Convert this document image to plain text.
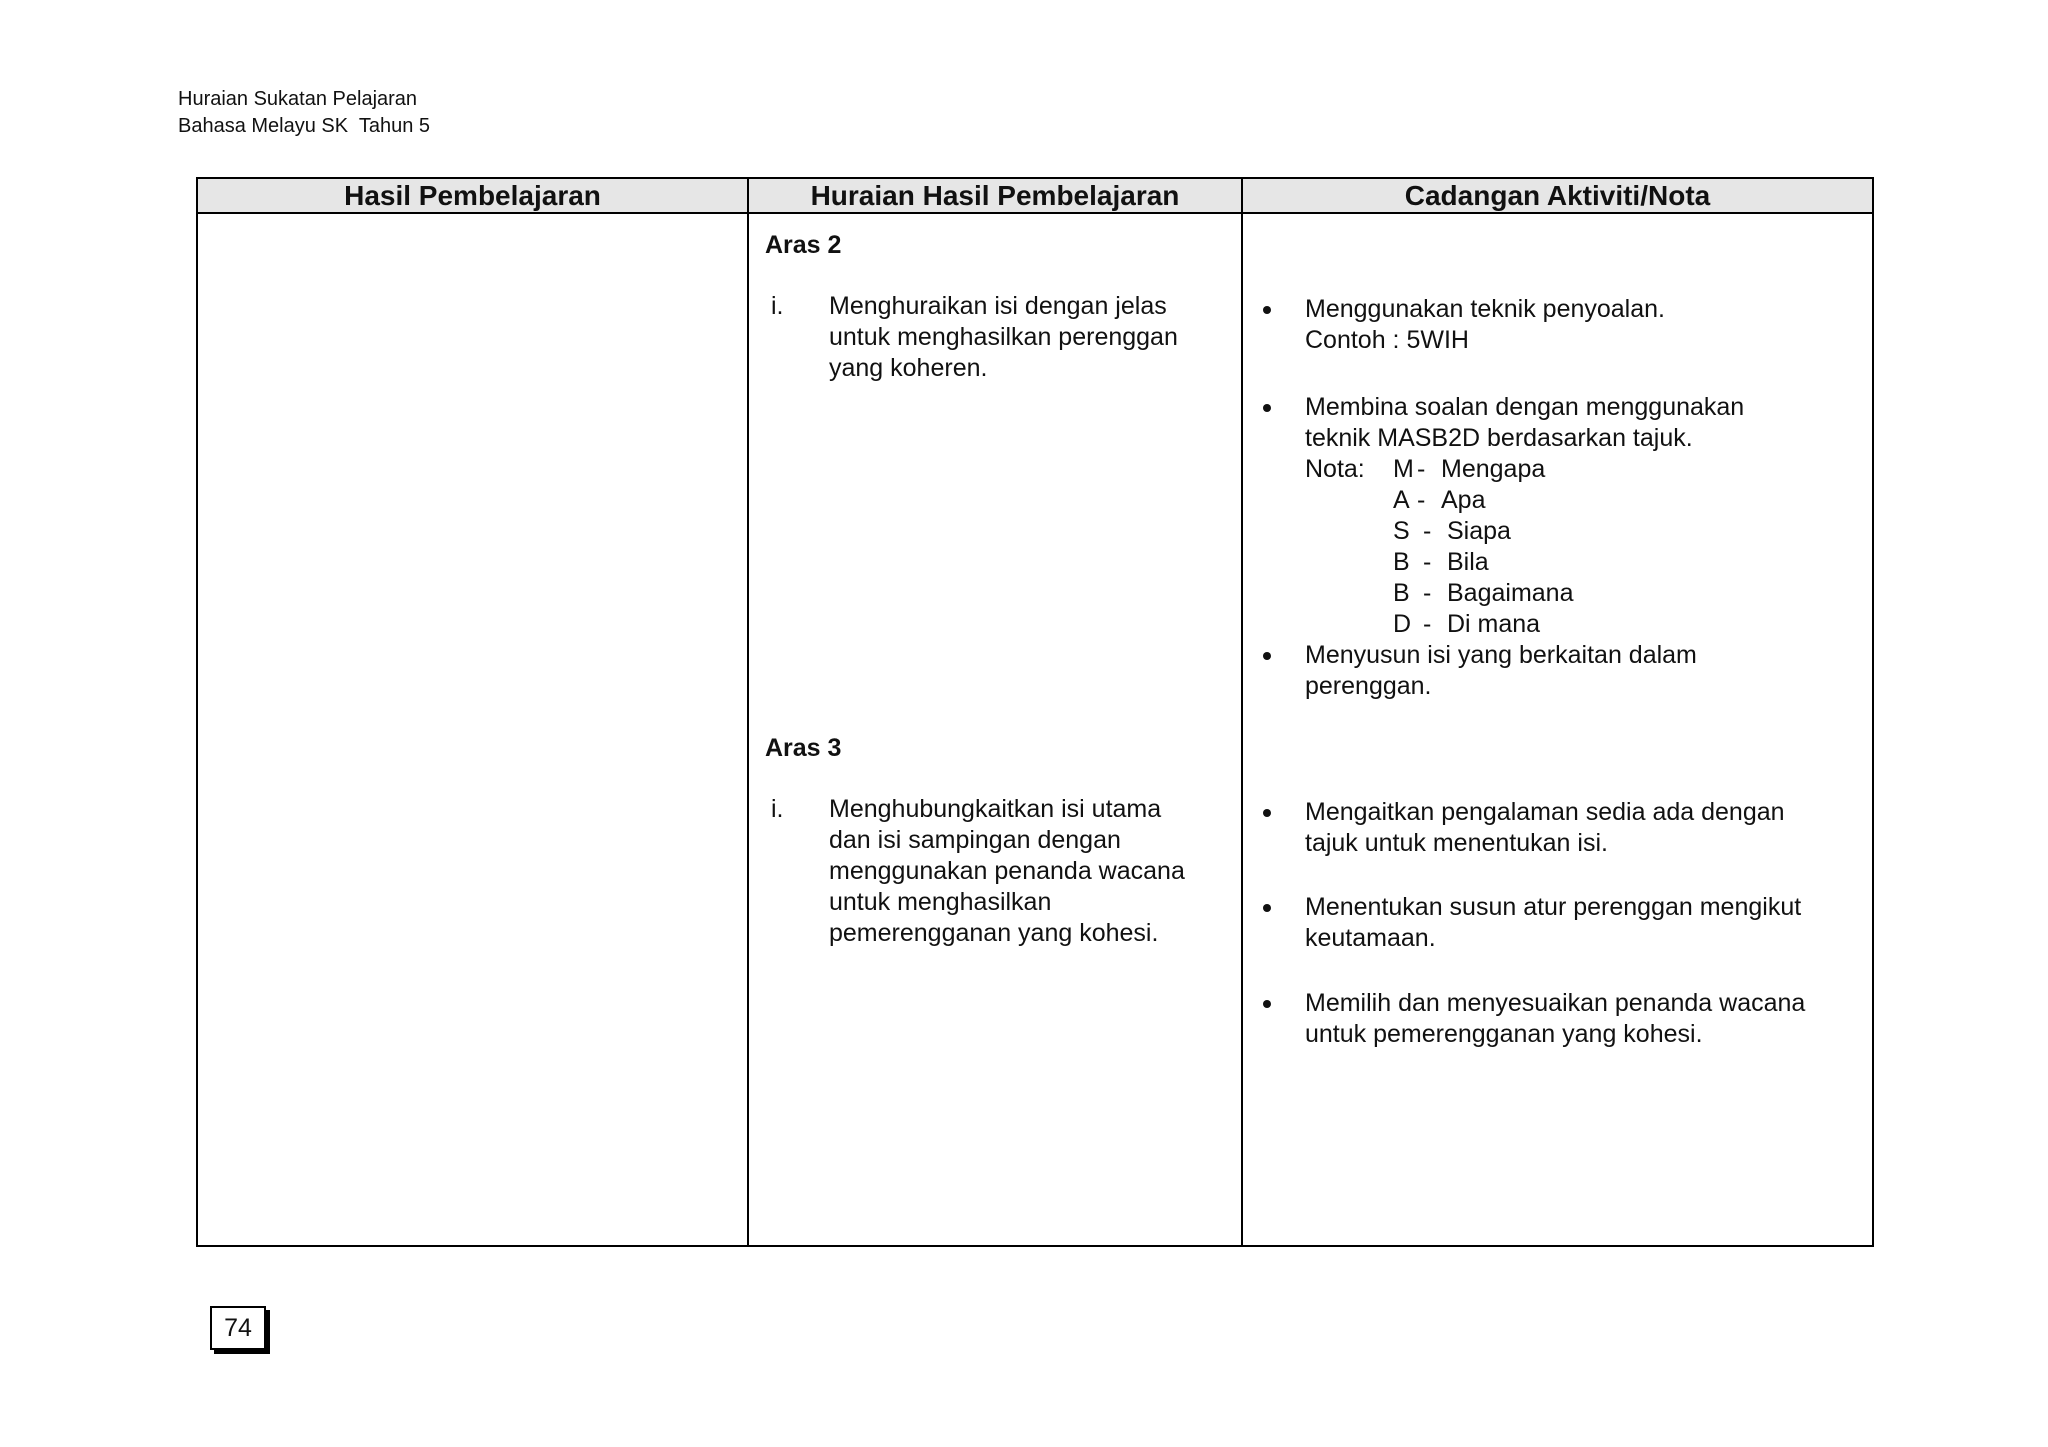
Huraian Sukatan Pelajaran
Bahasa Melayu SK  Tahun 5
Hasil Pembelajaran	Huraian Hasil Pembelajaran	Cadangan Aktiviti/Nota
Aras 2
i. Menghuraikan isi dengan jelas
untuk menghasilkan perenggan
yang koheren.
Aras 3
i. Menghubungkaitkan isi utama
dan isi sampingan dengan
menggunakan penanda wacana
untuk menghasilkan
pemerengganan yang kohesi.
Menggunakan teknik penyoalan.
Contoh : 5WIH
Membina soalan dengan menggunakan
teknik MASB2D berdasarkan tajuk.
Nota: M - Mengapa
A - Apa
S - Siapa
B - Bila
B - Bagaimana
D - Di mana
Menyusun isi yang berkaitan dalam
perenggan.
Mengaitkan pengalaman sedia ada dengan
tajuk untuk menentukan isi.
Menentukan susun atur perenggan mengikut
keutamaan.
Memilih dan menyesuaikan penanda wacana
untuk pemerengganan yang kohesi.
74
